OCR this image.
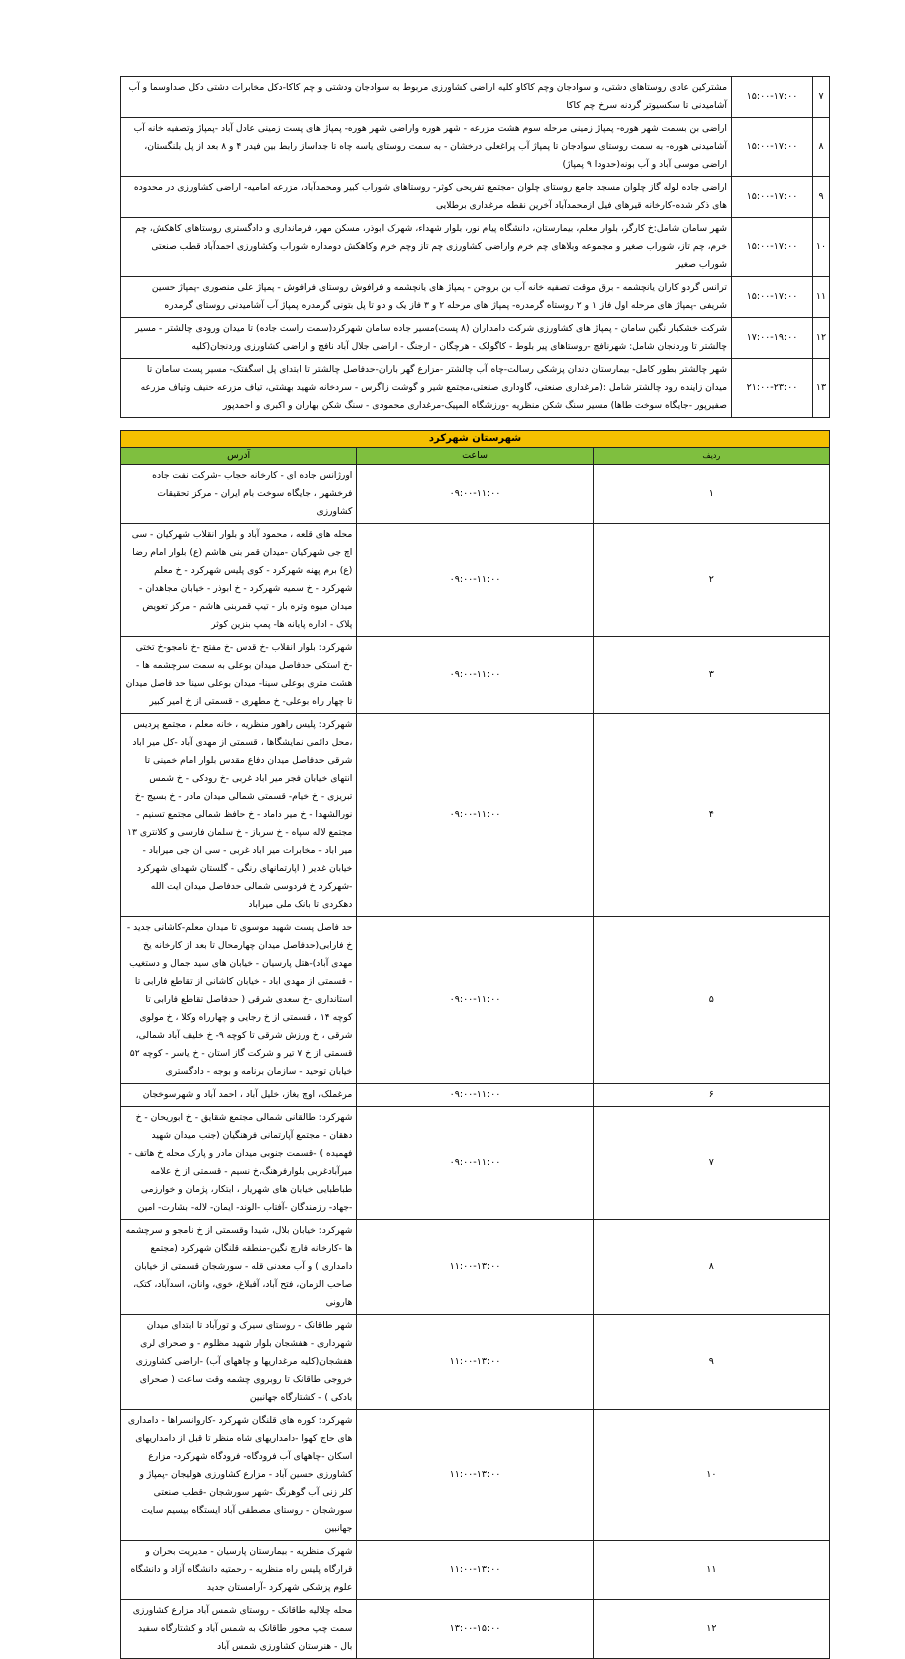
۷	۱۵:۰۰-۱۷:۰۰	مشترکین عادی روستاهای دشتی، و سوادجان وچم کاکاو کلیه اراضی کشاورزی مربوط به سوادجان ودشتی و چم کاکا-دکل مخابرات دشتی دکل صداوسما و آب آشامیدنی تا سکسیوتر گردنه سرخ چم کاکا
۸	۱۵:۰۰-۱۷:۰۰	اراضی بن بسمت شهر هوره- پمپاژ زمینی مرحله سوم هشت مزرعه - شهر هوره واراضی شهر هوره- پمپاژ های پست زمینی عادل آباد -پمپاژ وتصفیه خانه آب آشامیدنی هوره- به سمت روستای سوادجان تا پمپاژ آب پراغعلی درخشان - به سمت روستای یاسه چاه تا جداساز رابط بین فیدر ۴ و ۸ بعد از پل بلنگستان، اراضی موسی آباد و آب بونه(حدودا ۹ پمپاژ)
۹	۱۵:۰۰-۱۷:۰۰	اراضی جاده لوله گاز چلوان مسجد جامع روستای چلوان -مجتمع تفریحی کوثر- روستاهای شوراب کبیر ومحمدآباد، مزرعه امامیه- اراضی کشاورزی در محدوده های ذکر شده-کارخانه قیرهای فیل ازمحمدآباد آخرین نقطه مرغداری برطلایی
۱۰	۱۵:۰۰-۱۷:۰۰	شهر سامان شامل:خ کارگر، بلوار معلم، بیمارستان، دانشگاه پیام نور، بلوار شهداء، شهرک ابوذر، مسکن مهر، فرمانداری و دادگستری روستاهای کاهکش، چم خرم، چم تاز، شوراب صغیر و مجموعه وبلاهای چم خرم واراضی کشاورزی چم تاز وچم خرم وکاهکش دومداره شوراب وکشاورزی احمدآباد قطب صنعتی شوراب صغیر
۱۱	۱۵:۰۰-۱۷:۰۰	ترانس گردو کاران یانچشمه - برق موقت تصفیه خانه آب بن بروجن - پمپاژ های یانچشمه و فرافوش روستای فرافوش - پمپاژ علی منصوری -پمپاژ حسین شریفی -پمپاژ های مرحله اول فاز ۱ و ۲ روستاه گرمدره- پمپاژ های مرحله ۲ و ۳ فاز یک و دو تا پل بتونی گرمدره پمپاژ آب آشامیدنی روستای گرمدره
۱۲	۱۷:۰۰-۱۹:۰۰	شرکت خشکبار نگین سامان - پمپاژ های کشاورزی شرکت دامداران (۸ پست)مسیر جاده سامان شهرکرد(سمت راست جاده) تا میدان ورودی چالشتر - مسیر چالشتر تا وردنجان شامل: شهرنافچ -روستاهای پیر بلوط - کاگولک - هرچگان - ارجنگ - اراضی جلال آباد نافچ و اراضی کشاورزی وردنجان(کلیه
۱۳	۲۱:۰۰-۲۳:۰۰	شهر چالشتر بطور کامل- بیمارستان دندان پزشکی رسالت-چاه آب چالشتر -مزارع گهر باران-حدفاصل چالشتر تا ابتدای پل اسگفتک- مسیر پست سامان تا میدان زاینده رود چالشتر شامل :(مرغداری صنعتی، گاوداری صنعتی،مجتمع شیر و گوشت زاگرس - سردخانه شهید بهشتی، تیاف مزرعه حنیف وتیاف مزرعه صفیرپور -جایگاه سوخت طاها) مسیر سنگ شکن منظریه -ورزشگاه المپیک-مرغداری محمودی - سنگ شکن بهاران و اکبری و احمدپور
شهرستان شهرکرد		
ردیف	ساعت	آدرس
۱	۰۹:۰۰-۱۱:۰۰	اورژانس جاده ای - کارخانه حجاب -شرکت نفت جاده فرخشهر ، جایگاه سوخت بام ایران - مرکز تحقیقات کشاورزی
۲	۰۹:۰۰-۱۱:۰۰	محله های قلعه ، محمود آباد و بلوار انقلاب شهرکیان - سی اچ جی شهرکیان -میدان قمر بنی هاشم (ع) بلوار امام رضا (ع) برم پهنه شهرکرد - کوی پلیس شهرکرد - خ معلم شهرکرد - خ سمیه شهرکرد - خ ابوذر - خیابان مجاهدان - میدان میوه وتره بار - تیپ قمربنی هاشم - مرکز تعویض پلاک - اداره پایانه ها- پمپ بنزین کوثر
۳	۰۹:۰۰-۱۱:۰۰	شهرکرد: بلوار انقلاب -خ قدس -خ مفتح -خ نامجو-خ تختی -خ استکی حدفاصل میدان بوعلی به سمت سرچشمه ها - هشت متری بوعلی سینا- میدان بوعلی سینا حد فاصل میدان تا چهار راه بوعلی- خ مطهری - قسمتی از خ امیر کبیر
۴	۰۹:۰۰-۱۱:۰۰	شهرکرد: پلیس راهور منظریه ، خانه معلم ، مجتمع پردیس ،محل دائمی نمایشگاها ، قسمتی از مهدی آباد -کل میر اباد شرقی حدفاصل میدان دفاع مقدس بلوار امام خمینی تا انتهای خیابان فجر میر اباد غربی -خ رودکی - خ شمس تبریزی - خ خیام- قسمتی شمالی میدان مادر - خ بسیج -خ نورالشهدا - خ میر داماد - خ حافظ شمالی مجتمع تسنیم - مجتمع لاله سپاه - خ سرباز - خ سلمان فارسی و کلانتری ۱۳ میر اباد - مخابرات میر اباد غربی - سی ان جی میراباد - خیابان غدیر ( اپارتمانهای رنگی - گلستان شهدای شهرکرد -شهرکرد خ فردوسی شمالی حدفاصل میدان ایت الله دهکردی تا بانک ملی میراباد
۵	۰۹:۰۰-۱۱:۰۰	حد فاصل پست شهید موسوی تا میدان معلم-کاشانی جدید - خ فارابی(حدفاصل میدان چهارمحال تا بعد از کارخانه یخ مهدی آباد)-هتل پارسیان - خیابان های سید جمال و دستغیب - قسمتی از مهدی اباد - خیابان کاشانی از تقاطع فارابی تا استانداری -خ سعدی شرقی ( حدفاصل تقاطع فارابی تا کوچه ۱۴ ، قسمتی از خ رجایی و چهارراه وکلا ، خ مولوی شرقی ، خ ورزش شرقی تا کوچه ۹- خ خلیف آباد شمالی، قسمتی از خ ۷ تیر و شرکت گاز استان - خ یاسر - کوچه ۵۲ خیابان توحید - سازمان برنامه و بوجه - دادگستری
۶	۰۹:۰۰-۱۱:۰۰	مرغملک، اوچ بغاز، خلیل آباد ، احمد آباد و شهرسوخجان
۷	۰۹:۰۰-۱۱:۰۰	شهرکرد: طالقانی شمالی مجتمع شقایق - خ ابوریحان - خ دهقان - مجتمع آپارتمانی فرهنگیان (جنب میدان شهید فهمیده ) -قسمت جنوبی میدان مادر و پارک محله خ هاتف - میرآبادغربی بلوارفرهنگ،خ نسیم - قسمتی از خ علامه طباطبایی خیابان های شهریار ، ابتکار، پژمان و خوارزمی -جهاد- رزمندگان -آفتاب -الوند- ایمان- لاله- بشارت- امین
۸	۱۱:۰۰-۱۳:۰۰	شهرکرد: خیابان بلال، شیدا وقسمتی از خ نامجو و سرچشمه ها -کارخانه فارچ نگین-منطقه قلنگان شهرکرد (مجتمع دامداری ) و آب معدنی قله - سورشجان قسمتی از خیابان صاحب الزمان، فتح آباد، آفبلاغ، خوی، وانان، اسدآباد، کتک، هارونی
۹	۱۱:۰۰-۱۳:۰۰	شهر طاقانک - روستای سیرک و تورآباد تا ابتدای میدان شهرداری - هفشجان بلوار شهید مظلوم - و صحرای لری هفشجان(کلیه مرغداریها و چاههای آب) -اراضی کشاورزی خروجی طاقانک تا روبروی چشمه وقت ساعت ( صحرای بادکی ) - کشتارگاه جهانبین
۱۰	۱۱:۰۰-۱۳:۰۰	شهرکرد: کوره های قلنگان شهرکرد -کاروانسراها - دامداری های حاج کهوا -دامداریهای شاه منظر تا قبل از دامداریهای اسکان -چاههای آب فرودگاه- فرودگاه شهرکرد- مزارع کشاورزی حسین آباد - مزارع کشاورزی هولیجان -پمپاژ و کلر زنی آب گوهرنگ -شهر سورشجان -قطب صنعتی سورشجان - روستای مصطفی آباد ایستگاه بیسیم سایت جهانبین
۱۱	۱۱:۰۰-۱۳:۰۰	شهرک منظریه - بیمارستان پارسیان - مدیریت بحران و قرارگاه پلیس راه منظریه - رحمتیه دانشگاه آزاد و دانشگاه علوم پزشکی شهرکرد -آرامستان جدید
۱۲	۱۳:۰۰-۱۵:۰۰	محله چلالیه طاقانک - روستای شمس آباد مزارع کشاورزی سمت چپ محور طاقانک به شمس آباد و کشتارگاه سفید بال - هنرستان کشاورزی شمس آباد
